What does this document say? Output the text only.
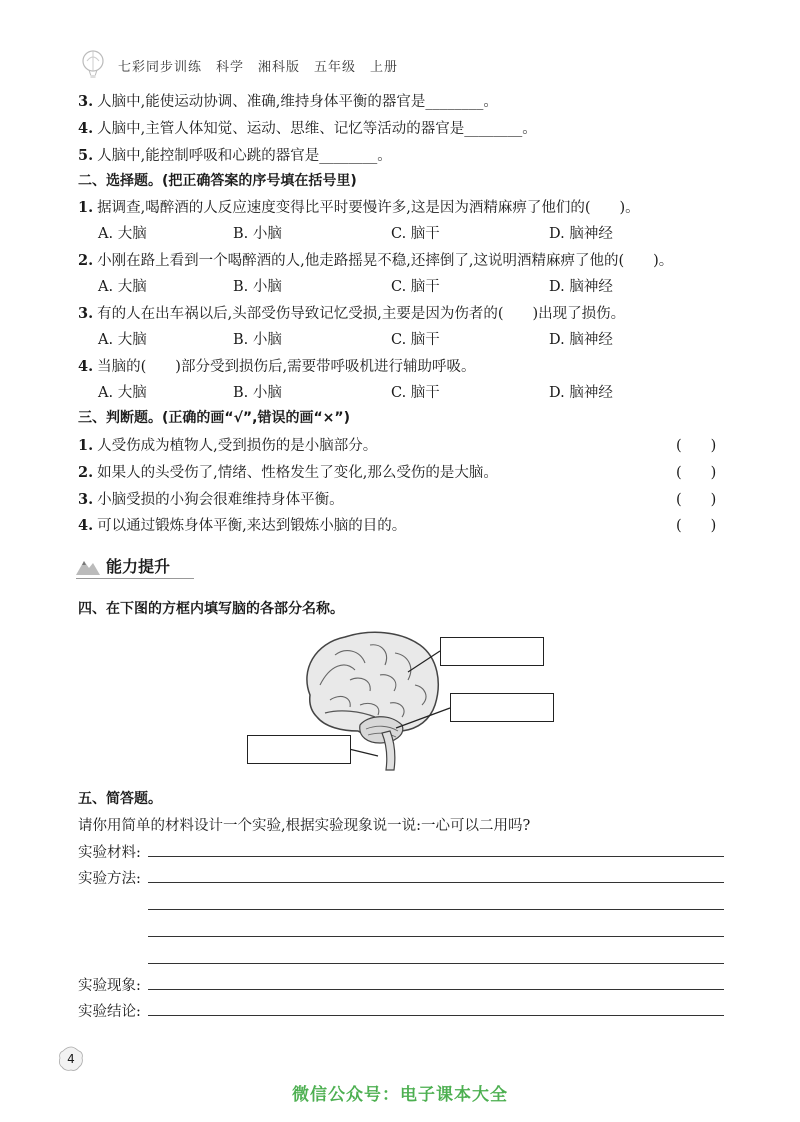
七彩同步训练　科学　湘科版　五年级　上册
3. 人脑中,能使运动协调、准确,维持身体平衡的器官是________。
4. 人脑中,主管人体知觉、运动、思维、记忆等活动的器官是________。
5. 人脑中,能控制呼吸和心跳的器官是________。
二、选择题。(把正确答案的序号填在括号里)
1. 据调查,喝醉酒的人反应速度变得比平时要慢许多,这是因为酒精麻痹了他们的(　　)。
A. 大脑	B. 小脑	C. 脑干	D. 脑神经
2. 小刚在路上看到一个喝醉酒的人,他走路摇晃不稳,还摔倒了,这说明酒精麻痹了他的(　　)。
A. 大脑	B. 小脑	C. 脑干	D. 脑神经
3. 有的人在出车祸以后,头部受伤导致记忆受损,主要是因为伤者的(　　)出现了损伤。
A. 大脑	B. 小脑	C. 脑干	D. 脑神经
4. 当脑的(　　)部分受到损伤后,需要带呼吸机进行辅助呼吸。
A. 大脑	B. 小脑	C. 脑干	D. 脑神经
三、判断题。(正确的画“√”,错误的画“×”)
1. 人受伤成为植物人,受到损伤的是小脑部分。	(　　)
2. 如果人的头受伤了,情绪、性格发生了变化,那么受伤的是大脑。	(　　)
3. 小脑受损的小狗会很难维持身体平衡。	(　　)
4. 可以通过锻炼身体平衡,来达到锻炼小脑的目的。	(　　)
能力提升
四、在下图的方框内填写脑的各部分名称。
五、简答题。
请你用简单的材料设计一个实验,根据实验现象说一说:一心可以二用吗?
实验材料:
实验方法:
实验现象:
实验结论:
4
微信公众号：电子课本大全
